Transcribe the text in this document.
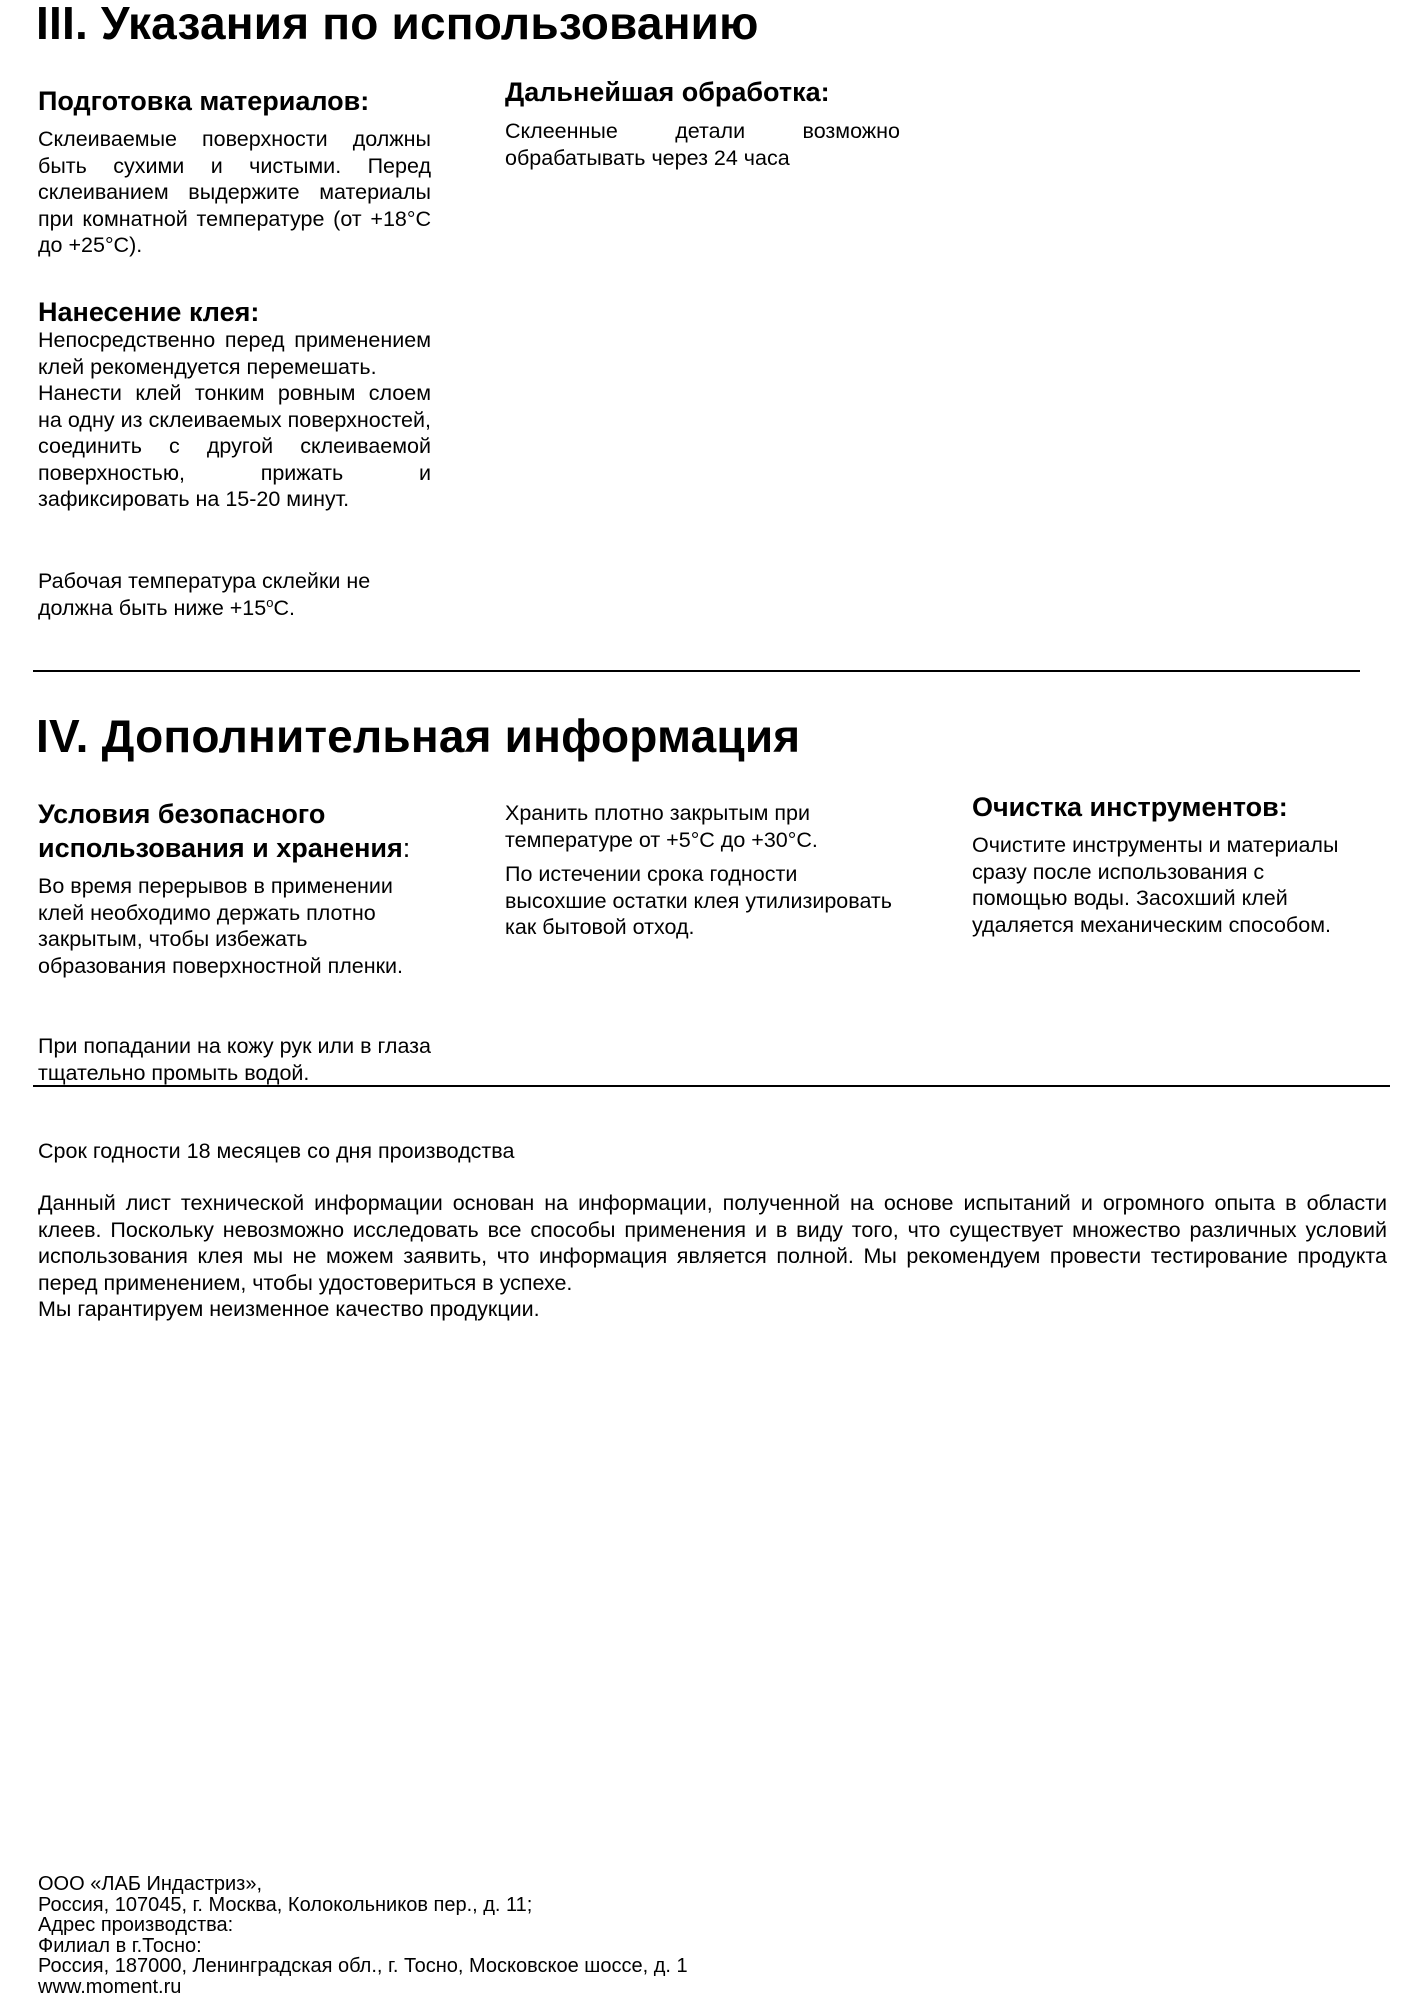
III. Указания по использованию
Подготовка материалов:
Склеиваемые поверхности должны быть сухими и чистыми. Перед склеиванием выдержите материалы при комнатной температуре (от +18°С до +25°С).
Нанесение клея:

Непосредственно перед применением клей рекомендуется перемешать.

Нанести клей тонким ровным слоем на одну из склеиваемых поверхностей, соединить с другой склеиваемой поверхностью, прижать и зафиксировать на 15-20 минут.

Рабочая температура склейки не должна быть ниже $+15^оС$.
Дальнейшая обработка:
Склеенные детали возможно обрабатывать через 24 часа
IV. Дополнительная информация
Условия безопасного использования и хранения:
Во время перерывов в применении клей необходимо держать плотно закрытым, чтобы избежать образования поверхностной пленки.
При попадании на кожу рук или в глаза тщательно промыть водой.

Хранить плотно закрытым при температуре от +5°С до +30°С.

По истечении срока годности высохшие остатки клея утилизировать как бытовой отход.

Очистка инструментов:
Очистите инструменты и материалы сразу после использования с помощью воды. Засохший клей удаляется механическим способом.
Срок годности 18 месяцев со дня производства

Данный лист технической информации основан на информации, полученной на основе испытаний и огромного опыта в области клеев. Поскольку невозможно исследовать все способы применения и в виду того, что существует множество различных условий использования клея мы не можем заявить, что информация является полной. Мы рекомендуем провести тестирование продукта перед применением, чтобы удостовериться в успехе.

Мы гарантируем неизменное качество продукции.

ООО «ЛАБ Индастриз»,
Россия, 107045, г. Москва, Колокольников пер., д. 11;
Адрес производства:
Филиал в г.Тосно:
Россия, 187000, Ленинградская обл., г. Тосно, Московское шоссе, д. 1
www.moment.ru
